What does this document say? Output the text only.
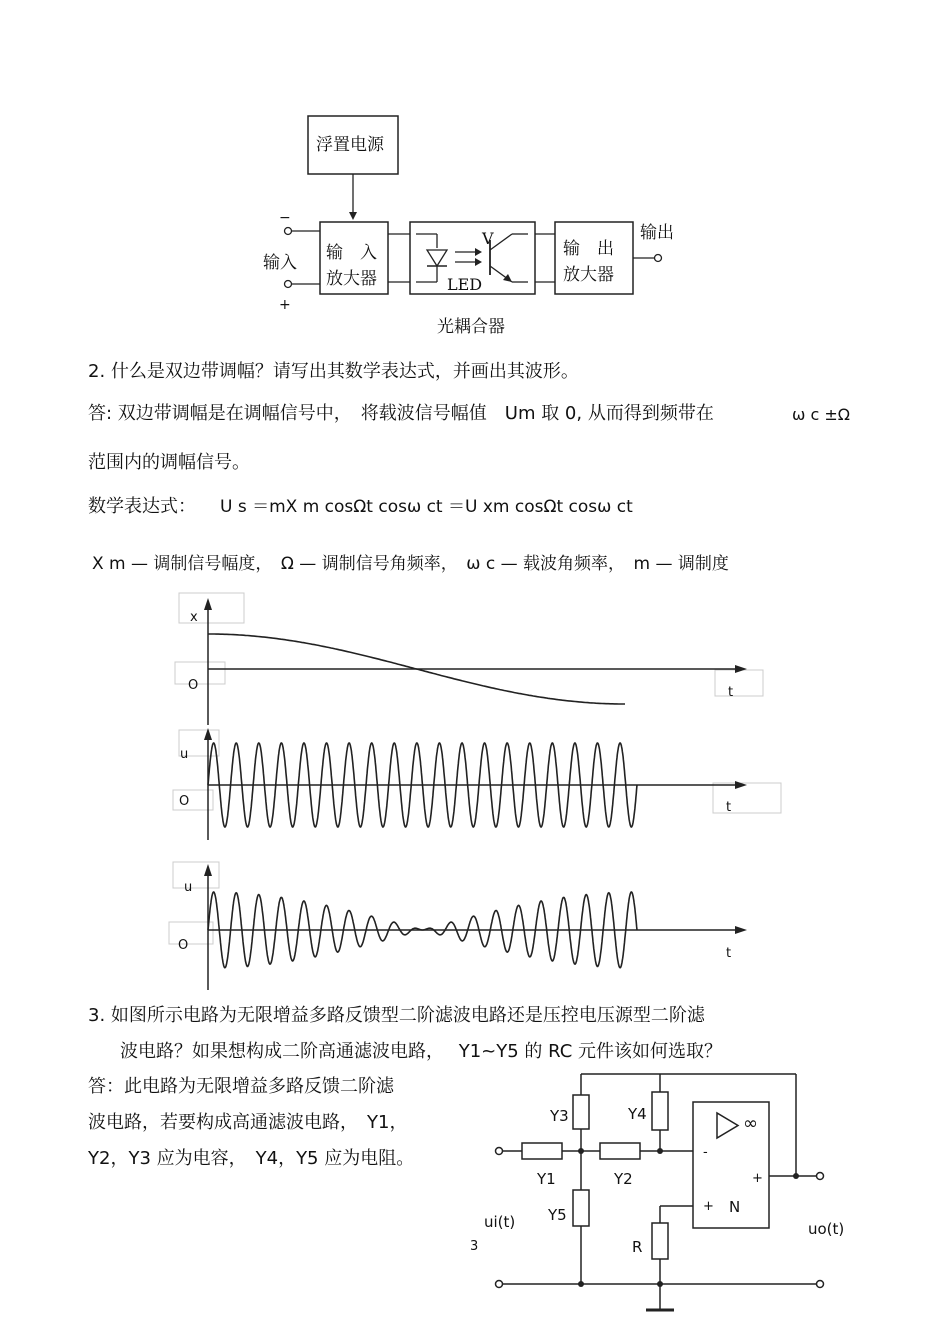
浮置电源
−
+
输入 输　入
放大器
V
LED
输　出
放大器
输出
光耦合器
2. 什么是双边带调幅？请写出其数学表达式，并画出其波形。
答: 双边带调幅是在调幅信号中，　将载波信号幅值　Um 取 0, 从而得到频带在	ω c ±Ω
范围内的调幅信号。
数学表达式： U s ＝mX m cosΩt cosω ct ＝U xm cosΩt cosω ct
X m — 调制信号幅度，　Ω — 调制信号角频率，　ω c — 载波角频率，　m — 调制度
x
O	t
u
O	t
u
O
t
3. 如图所示电路为无限增益多路反馈型二阶滤波电路还是压控电压源型二阶滤
波电路？如果想构成二阶高通滤波电路，　 Y1~Y5 的 RC 元件该如何选取？
答：此电路为无限增益多路反馈二阶滤
波电路，若要构成高通滤波电路，　Y1，
Y2，Y3 应为电容，　Y4，Y5 应为电阻。
Y3	Y4
Y1	Y2
Y5
R
∞
-
+
+ N
ui(t)	uo(t)
3
